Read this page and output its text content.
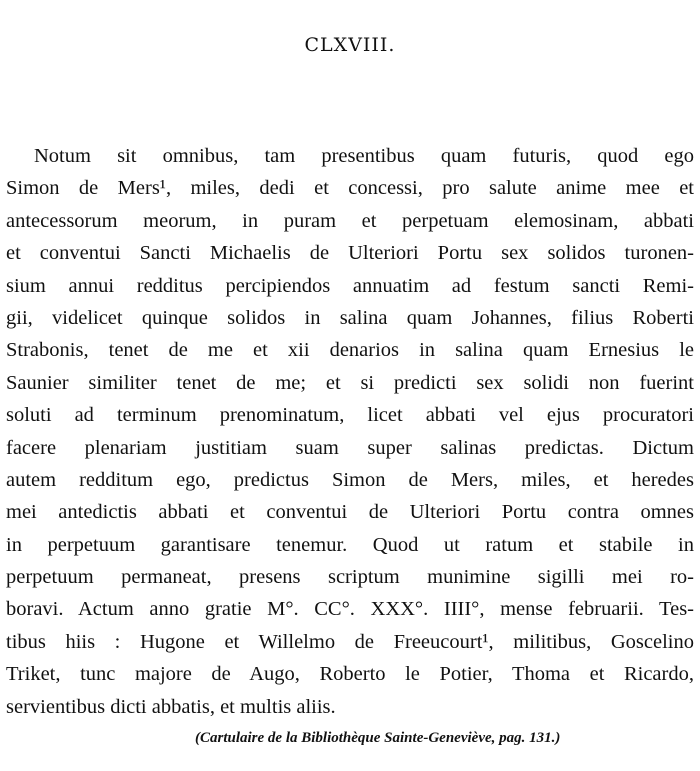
CLXVIII.
Notum sit omnibus, tam presentibus quam futuris, quod ego
Simon de Mers¹, miles, dedi et concessi, pro salute anime mee et
antecessorum meorum, in puram et perpetuam elemosinam, abbati
et conventui Sancti Michaelis de Ulteriori Portu sex solidos turonen-
sium annui redditus percipiendos annuatim ad festum sancti Remi-
gii, videlicet quinque solidos in salina quam Johannes, filius Roberti
Strabonis, tenet de me et xii denarios in salina quam Ernesius le
Saunier similiter tenet de me; et si predicti sex solidi non fuerint
soluti ad terminum prenominatum, licet abbati vel ejus procuratori
facere plenariam justitiam suam super salinas predictas. Dictum
autem redditum ego, predictus Simon de Mers, miles, et heredes
mei antedictis abbati et conventui de Ulteriori Portu contra omnes
in perpetuum garantisare tenemur. Quod ut ratum et stabile in
perpetuum permaneat, presens scriptum munimine sigilli mei ro-
boravi. Actum anno gratie M°. CC°. XXX°. IIII°, mense februarii. Tes-
tibus hiis : Hugone et Willelmo de Freeucourt¹, militibus, Goscelino
Triket, tunc majore de Augo, Roberto le Potier, Thoma et Ricardo,
servientibus dicti abbatis, et multis aliis.
(Cartulaire de la Bibliothèque Sainte-Geneviève, pag. 131.)
